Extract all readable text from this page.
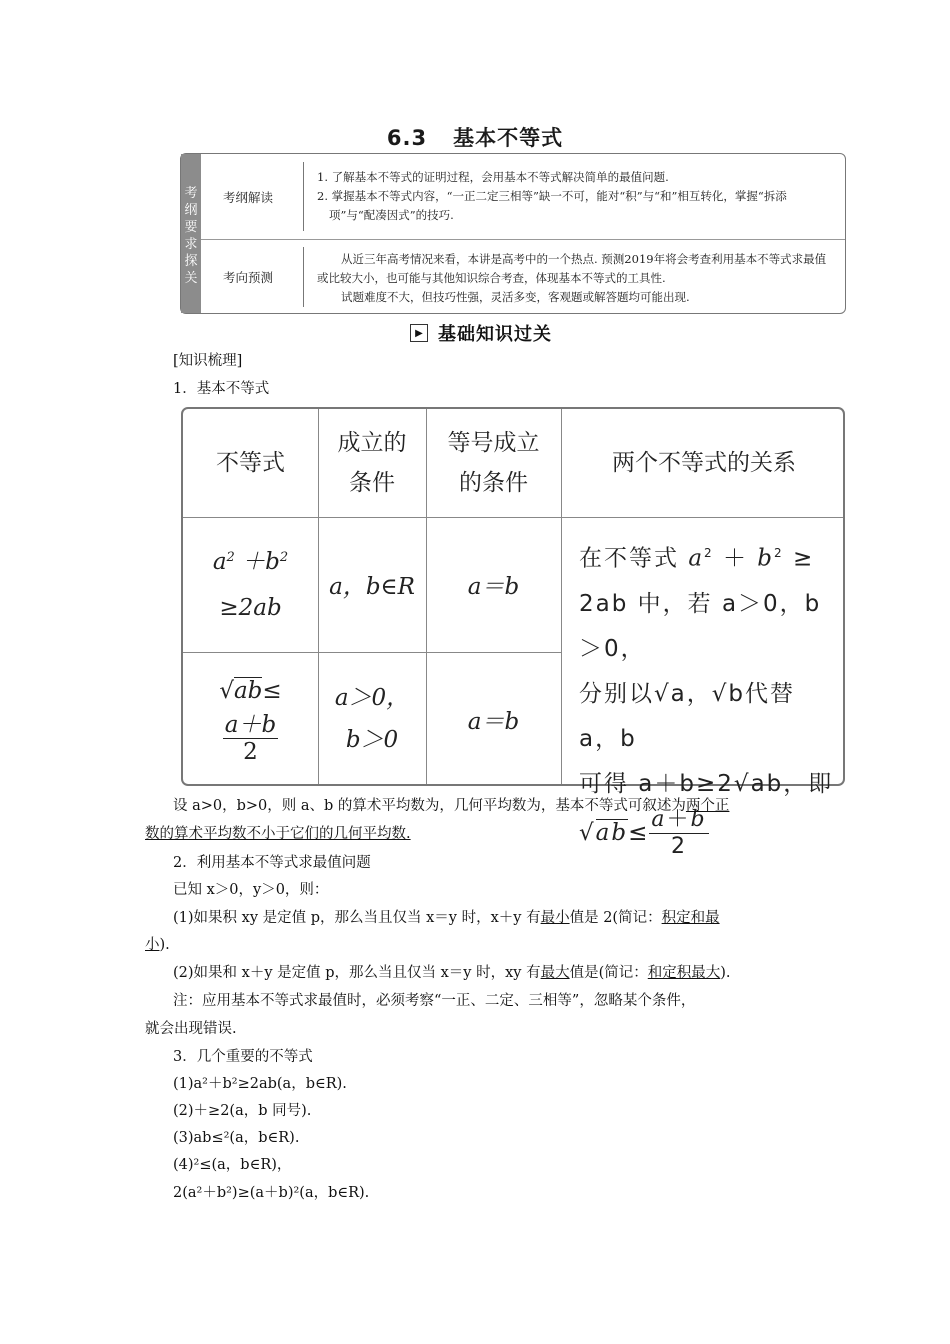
6.3 基本不等式
考
纲
要
求
探
关
考纲解读

1. 了解基本不等式的证明过程，会用基本不等式解决简单的最值问题.

2. 掌握基本不等式内容，“一正二定三相等”缺一不可，能对“积”与“和”相互转化，掌握“拆添

项”与“配凑因式”的技巧.

考向预测

从近三年高考情况来看，本讲是高考中的一个热点. 预测2019年将会考查利用基本不等式求最值

或比较大小，也可能与其他知识综合考查，体现基本不等式的工具性.

试题难度不大，但技巧性强，灵活多变，客观题或解答题均可能出现.

▶ 基础知识过关
[知识梳理]
1．基本不等式
不等式
成立的条件
等号成立的条件
两个不等式的关系
$a^2 +b^2$
≥2ab
a，b∈R a＝b
√ab≤
$\frac{a+b}{2}$
a＞0，
b＞0
a＝b
在不等式 $a^2 + b^2$ ≥
2ab 中，若 a＞0，b＞0，
分别以√a，√b代替 a，b
可得 a＋b≥2√ab，即
$√ab\le \frac{a+b}{2}$
设 a>0，b>0，则 a、b 的算术平均数为，几何平均数为，基本不等式可叙述为两个正
数的算术平均数不小于它们的几何平均数.
2．利用基本不等式求最值问题
已知 x＞0，y＞0，则：
(1)如果积 xy 是定值 p，那么当且仅当 x＝y 时，x＋y 有最小值是 2(简记：积定和最
小).
(2)如果和 x＋y 是定值 p，那么当且仅当 x＝y 时，xy 有最大值是(简记：和定积最大).
注：应用基本不等式求最值时，必须考察“一正、二定、三相等”，忽略某个条件，
就会出现错误.
3．几个重要的不等式
(1)a²＋b²≥2ab(a，b∈R).
(2)＋≥2(a，b 同号).
(3)ab≤²(a，b∈R).
(4)²≤(a，b∈R)，
2(a²＋b²)≥(a＋b)²(a，b∈R).
